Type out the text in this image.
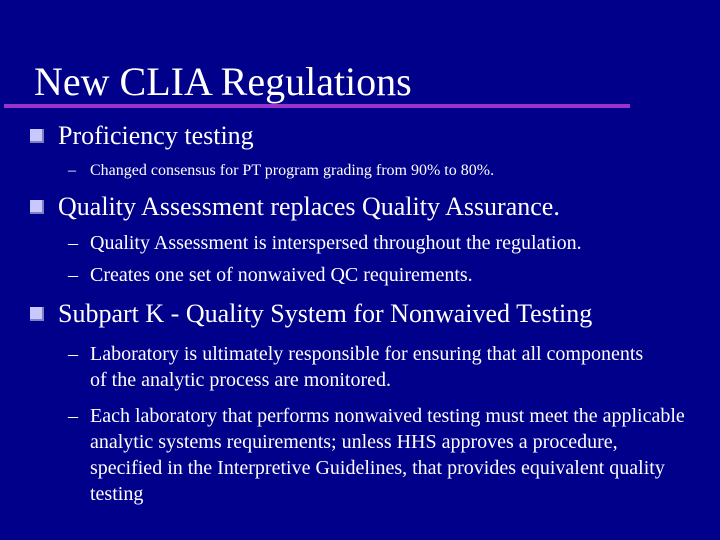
New CLIA Regulations
Proficiency testing
– Changed consensus for PT program grading from 90% to 80%.
Quality Assessment replaces Quality Assurance.
– Quality Assessment is interspersed throughout the regulation.
– Creates one set of nonwaived QC requirements.
Subpart K - Quality System for Nonwaived Testing
– Laboratory is ultimately responsible for ensuring that all components of the analytic process are monitored.
– Each laboratory that performs nonwaived testing must meet the applicable analytic systems requirements; unless HHS approves a procedure, specified in the Interpretive Guidelines, that provides equivalent quality testing
